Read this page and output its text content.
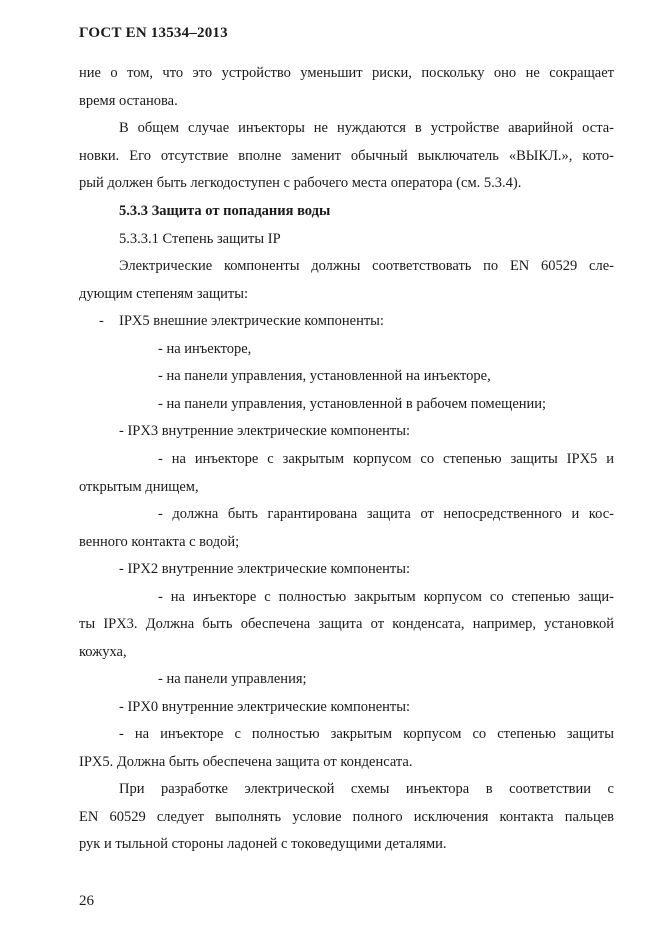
ГОСТ EN 13534–2013
ние о том, что это устройство уменьшит риски, поскольку оно не сокращает
время останова.
В общем случае инъекторы не нуждаются в устройстве аварийной оста-
новки. Его отсутствие вполне заменит обычный выключатель «ВЫКЛ.», кото-
рый должен быть легкодоступен с рабочего места оператора (см. 5.3.4).
5.3.3 Защита от попадания воды
5.3.3.1 Степень защиты IP
Электрические компоненты должны соответствовать по EN 60529 сле-
дующим степеням защиты:
- IPX5 внешние электрические компоненты:
- на инъекторе,
- на панели управления, установленной на инъекторе,
- на панели управления, установленной в рабочем помещении;
- IPX3 внутренние электрические компоненты:
- на инъекторе с закрытым корпусом со степенью защиты IPX5 и
открытым днищем,
- должна быть гарантирована защита от непосредственного и кос-
венного контакта с водой;
- IPX2 внутренние электрические компоненты:
- на инъекторе с полностью закрытым корпусом со степенью защи-
ты IPX3. Должна быть обеспечена защита от конденсата, например, установкой
кожуха,
- на панели управления;
- IPX0 внутренние электрические компоненты:
- на инъекторе с полностью закрытым корпусом со степенью защиты
IPX5. Должна быть обеспечена защита от конденсата.
При разработке электрической схемы инъектора в соответствии с
EN 60529 следует выполнять условие полного исключения контакта пальцев
рук и тыльной стороны ладоней с токоведущими деталями.
26
